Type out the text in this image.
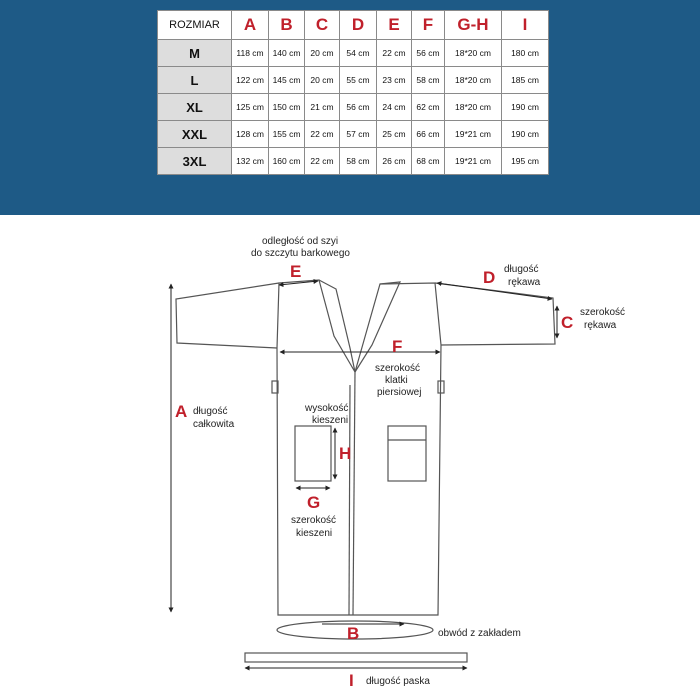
ROZMIAR	A	B	C	D	E	F	G-H	I
M	118 cm	140 cm	20 cm	54 cm	22 cm	56 cm	18*20 cm	180 cm
L	122 cm	145 cm	20 cm	55 cm	23 cm	58 cm	18*20 cm	185 cm
XL	125 cm	150 cm	21 cm	56 cm	24 cm	62 cm	18*20 cm	190 cm
XXL	128 cm	155 cm	22 cm	57 cm	25 cm	66 cm	19*21 cm	190 cm
3XL	132 cm	160 cm	22 cm	58 cm	26 cm	68 cm	19*21 cm	195 cm
E	D
C
A
F
H
G
B
I
odległość od szyi
do szczytu barkowego
długość
rękawa
szerokość
rękawa
długość
całkowita
szerokość
klatki
piersiowej
wysokość
kieszeni
szerokość
kieszeni
obwód z zakładem
długość paska
